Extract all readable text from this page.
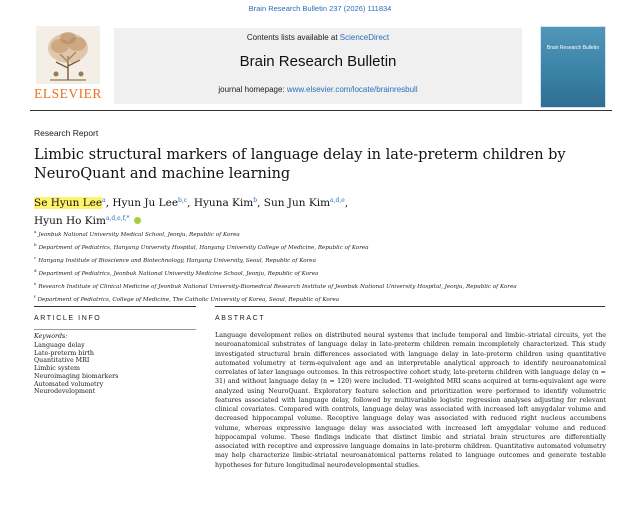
Brain Research Bulletin 237 (2026) 111834
ELSEVIER
Contents lists available at ScienceDirect
Brain Research Bulletin
journal homepage: www.elsevier.com/locate/brainresbull
Brain Research Bulletin
Research Report
Limbic structural markers of language delay in late-preterm children by NeuroQuant and machine learning
Se Hyun Lee$^a$, Hyun Ju Lee$^{b,c}$, Hyuna Kim$^b$, Sun Jun Kim$^{a,d,e}$,
Hyun Ho Kim$^{a,d,e,f,*}$
$^a$Jeonbuk National University Medical School, Jeonju, Republic of Korea
$^b$Department of Pediatrics, Hanyang University Hospital, Hanyang University College of Medicine, Republic of Korea
$^c$Hanyang Institute of Bioscience and Biotechnology, Hanyang University, Seoul, Republic of Korea
$^d$Department of Pediatrics, Jeonbuk National University Medicine School, Jeonju, Republic of Korea
$^e$Research Institute of Clinical Medicine of Jeonbuk National University-Biomedical Research Institute of Jeonbuk National University Hospital, Jeonju, Republic of Korea
$^f$Department of Pediatrics, College of Medicine, The Catholic University of Korea, Seoul, Republic of Korea
ARTICLE INFO	ABSTRACT
Keywords:
Language delay
Late-preterm birth
Quantitative MRI
Limbic system
Neuroimaging biomarkers
Automated volumetry
Neurodevelopment
Language development relies on distributed neural systems that include temporal and limbic–striatal circuits, yet the neuroanatomical substrates of language delay in late-preterm children remain incompletely characterized. This study investigated structural brain differences associated with language delay in late-preterm children using quantitative automated volumetry at term-equivalent age and an interpretable analytical approach to identify neuroanatomical correlates of later language outcomes. In this retrospective cohort study, late-preterm children with language delay (n = 31) and without language delay (n = 120) were included. T1-weighted MRI scans acquired at term-equivalent age were analyzed using NeuroQuant. Exploratory feature selection and prioritization were performed to identify volumetric features associated with language delay, followed by multivariable logistic regression analyses adjusting for relevant clinical covariates. Compared with controls, language delay was associated with increased left amygdalar volume and decreased hippocampal volume. Receptive language delay was associated with reduced right nucleus accumbens volume, whereas expressive language delay was associated with increased left amygdalar volume and reduced hippocampal volume. These findings indicate that distinct limbic and striatal brain structures are differentially associated with receptive and expressive language domains in late-preterm children. Quantitative automated volumetry may help characterize limbic-striatal neuroanatomical patterns related to language outcomes and generate testable hypotheses for future longitudinal neurodevelopmental studies.
